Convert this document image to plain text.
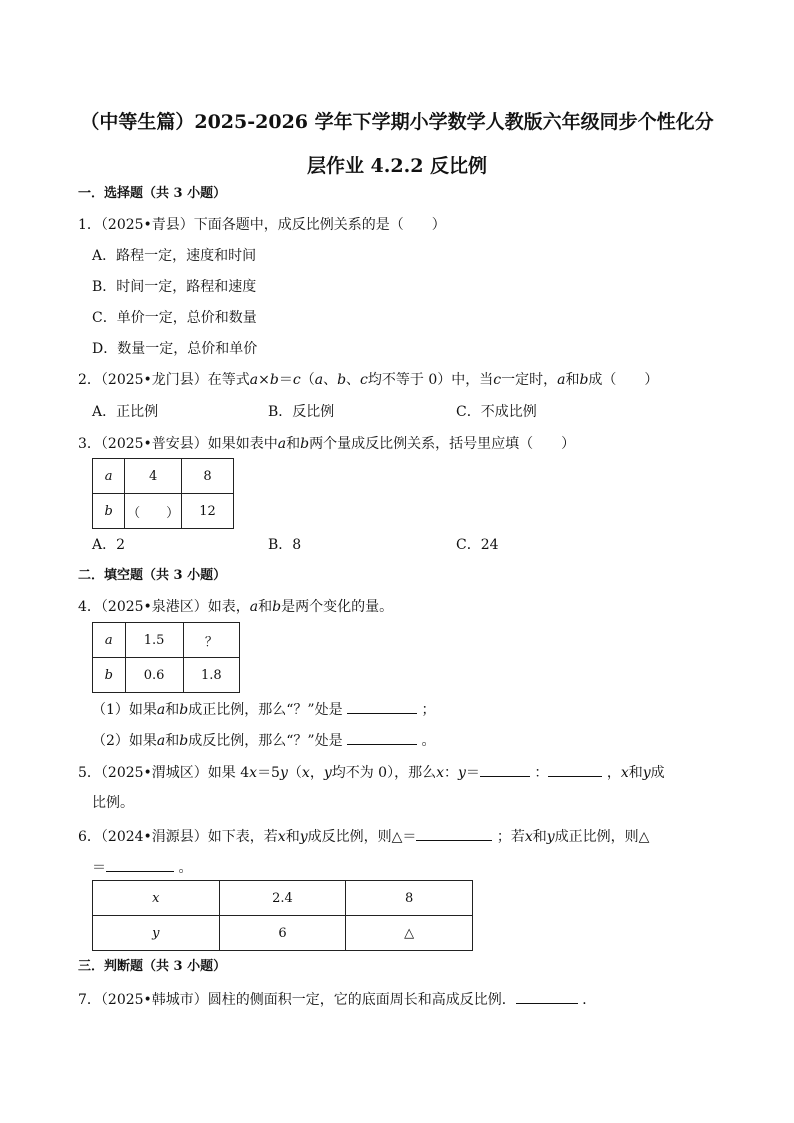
（中等生篇）2025-2026 学年下学期小学数学人教版六年级同步个性化分
层作业 4.2.2 反比例
一．选择题（共 3 小题）
1．（2025•青县）下面各题中，成反比例关系的是（　　）
A．路程一定，速度和时间
B．时间一定，路程和速度
C．单价一定，总价和数量
D．数量一定，总价和单价
2．（2025•龙门县）在等式a×b＝c（a、b、c均不等于 0）中，当c一定时，a和b成（　　）
A．正比例	B．反比例	C．不成比例
3．（2025•普安县）如果如表中a和b两个量成反比例关系，括号里应填（　　）
a	4	8
b	（　　）	12
A．2	B．8	C．24
二．填空题（共 3 小题）
4．（2025•泉港区）如表，a和b是两个变化的量。
a	1.5	？
b	0.6	1.8
（1）如果a和b成正比例，那么“？”处是	；
（2）如果a和b成反比例，那么“？”处是	。
5．（2025•渭城区）如果 4x＝5y（x，y均不为 0），那么x：y＝	：	，x和y成
比例。
6．（2024•涓源县）如下表，若x和y成反比例，则△＝	；若x和y成正比例，则△
＝	。
x	2.4	8
y	6	△
三．判断题（共 3 小题）
7．（2025•韩城市）圆柱的侧面积一定，它的底面周长和高成反比例．	．
